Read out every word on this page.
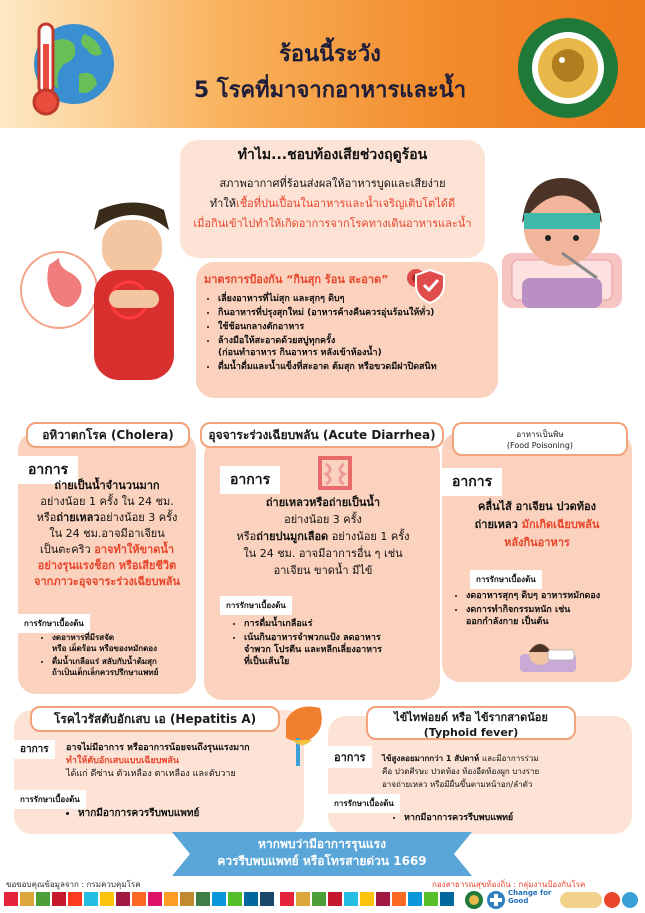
ร้อนนี้ระวัง
5 โรคที่มาจากอาหารและน้ำ
ทำไม...ชอบท้องเสียช่วงฤดูร้อน
สภาพอากาศที่ร้อนส่งผลให้อาหารบูดและเสียง่าย
ทำให้เชื้อที่ปนเปื้อนในอาหารและน้ำเจริญเติบโตได้ดี
เมื่อกินเข้าไปทำให้เกิดอาการจากโรคทางเดินอาหารและน้ำ
มาตรการป้องกัน “กินสุก ร้อน สะอาด”
• เลี่ยงอาหารที่ไม่สุก และสุกๆ ดิบๆ
• กินอาหารที่ปรุงสุกใหม่ (อาหารค้างคืนควรอุ่นร้อนให้ทั่ว)
• ใช้ช้อนกลางตักอาหาร
• ล้างมือให้สะอาดด้วยสบู่ทุกครั้ง
(ก่อนทำอาหาร กินอาหาร หลังเข้าห้องน้ำ)
• ดื่มน้ำดื่มและน้ำแข็งที่สะอาด ต้มสุก หรือขวดมีฝาปิดสนิท
อหิวาตกโรค (Cholera)
อาการ
ถ่ายเป็นน้ำจำนวนมาก
อย่างน้อย 1 ครั้ง ใน 24 ชม.
หรือถ่ายเหลวอย่างน้อย 3 ครั้ง
ใน 24 ชม.อาจมีอาเจียน
เป็นตะคริว อาจทำให้ขาดน้ำ
อย่างรุนแรงช็อก หรือเสียชีวิต
จากภาวะอุจจาระร่วงเฉียบพลัน
การรักษาเบื้องต้น
• งดอาหารที่มีรสจัด
หรือ เผ็ดร้อน หรือของหมักดอง
• ดื่มน้ำเกลือแร่ สลับกับน้ำต้มสุก
ถ้าเป็นเด็กเล็กควรปรึกษาแพทย์
อุจจาระร่วงเฉียบพลัน (Acute Diarrhea)
อาการ
ถ่ายเหลวหรือถ่ายเป็นน้ำ
อย่างน้อย 3 ครั้ง
หรือถ่ายปนมูกเลือด อย่างน้อย 1 ครั้ง
ใน 24 ชม. อาจมีอาการอื่น ๆ เช่น
อาเจียน ขาดน้ำ มีไข้
การรักษาเบื้องต้น
• การดื่มน้ำเกลือแร่
• เน้นกินอาหารจำพวกแป้ง ลดอาหาร
จำพวก โปรตีน และหลีกเลี่ยงอาหาร
ที่เป็นเส้นใย
อาหารเป็นพิษ
(Food Poisoning)
อาการ
คลื่นไส้ อาเจียน ปวดท้อง
ถ่ายเหลว มักเกิดเฉียบพลัน
หลังกินอาหาร
การรักษาเบื้องต้น
• งดอาหารสุกๆ ดิบๆ อาหารหมักดอง
• งดการทำกิจกรรมหนัก เช่น
ออกกำลังกาย เป็นต้น
โรคไวรัสตับอักเสบ เอ (Hepatitis A)
อาการ	อาจไม่มีอาการ หรืออาการน้อยจนถึงรุนแรงมาก
ทำให้ตับอักเสบแบบเฉียบพลัน
ได้แก่ ดีซ่าน ตัวเหลือง ตาเหลือง และตับวาย
การรักษาเบื้องต้น
• หากมีอาการควรรีบพบแพทย์
ไข้ไทฟอยด์ หรือ ไข้รากสาดน้อย
(Typhoid fever)
อาการ	ไข้สูงลอยมากกว่า 1 สัปดาห์ และมีอาการร่วม
คือ ปวดศีรษะ ปวดท้อง ท้องอืดท้องผูก บางราย
อาจถ่ายเหลว หรือมีผื่นขึ้นตามหน้าอก/ลำตัว
การรักษาเบื้องต้น
• หากมีอาการควรรีบพบแพทย์
หากพบว่ามีอาการรุนแรง
ควรรีบพบแพทย์ หรือโทรสายด่วน 1669
ขอขอบคุณข้อมูลจาก : กรมควบคุมโรค	กองสาธารณสุขท้องถิ่น : กลุ่มงานป้องกันโรค
Change for Good
